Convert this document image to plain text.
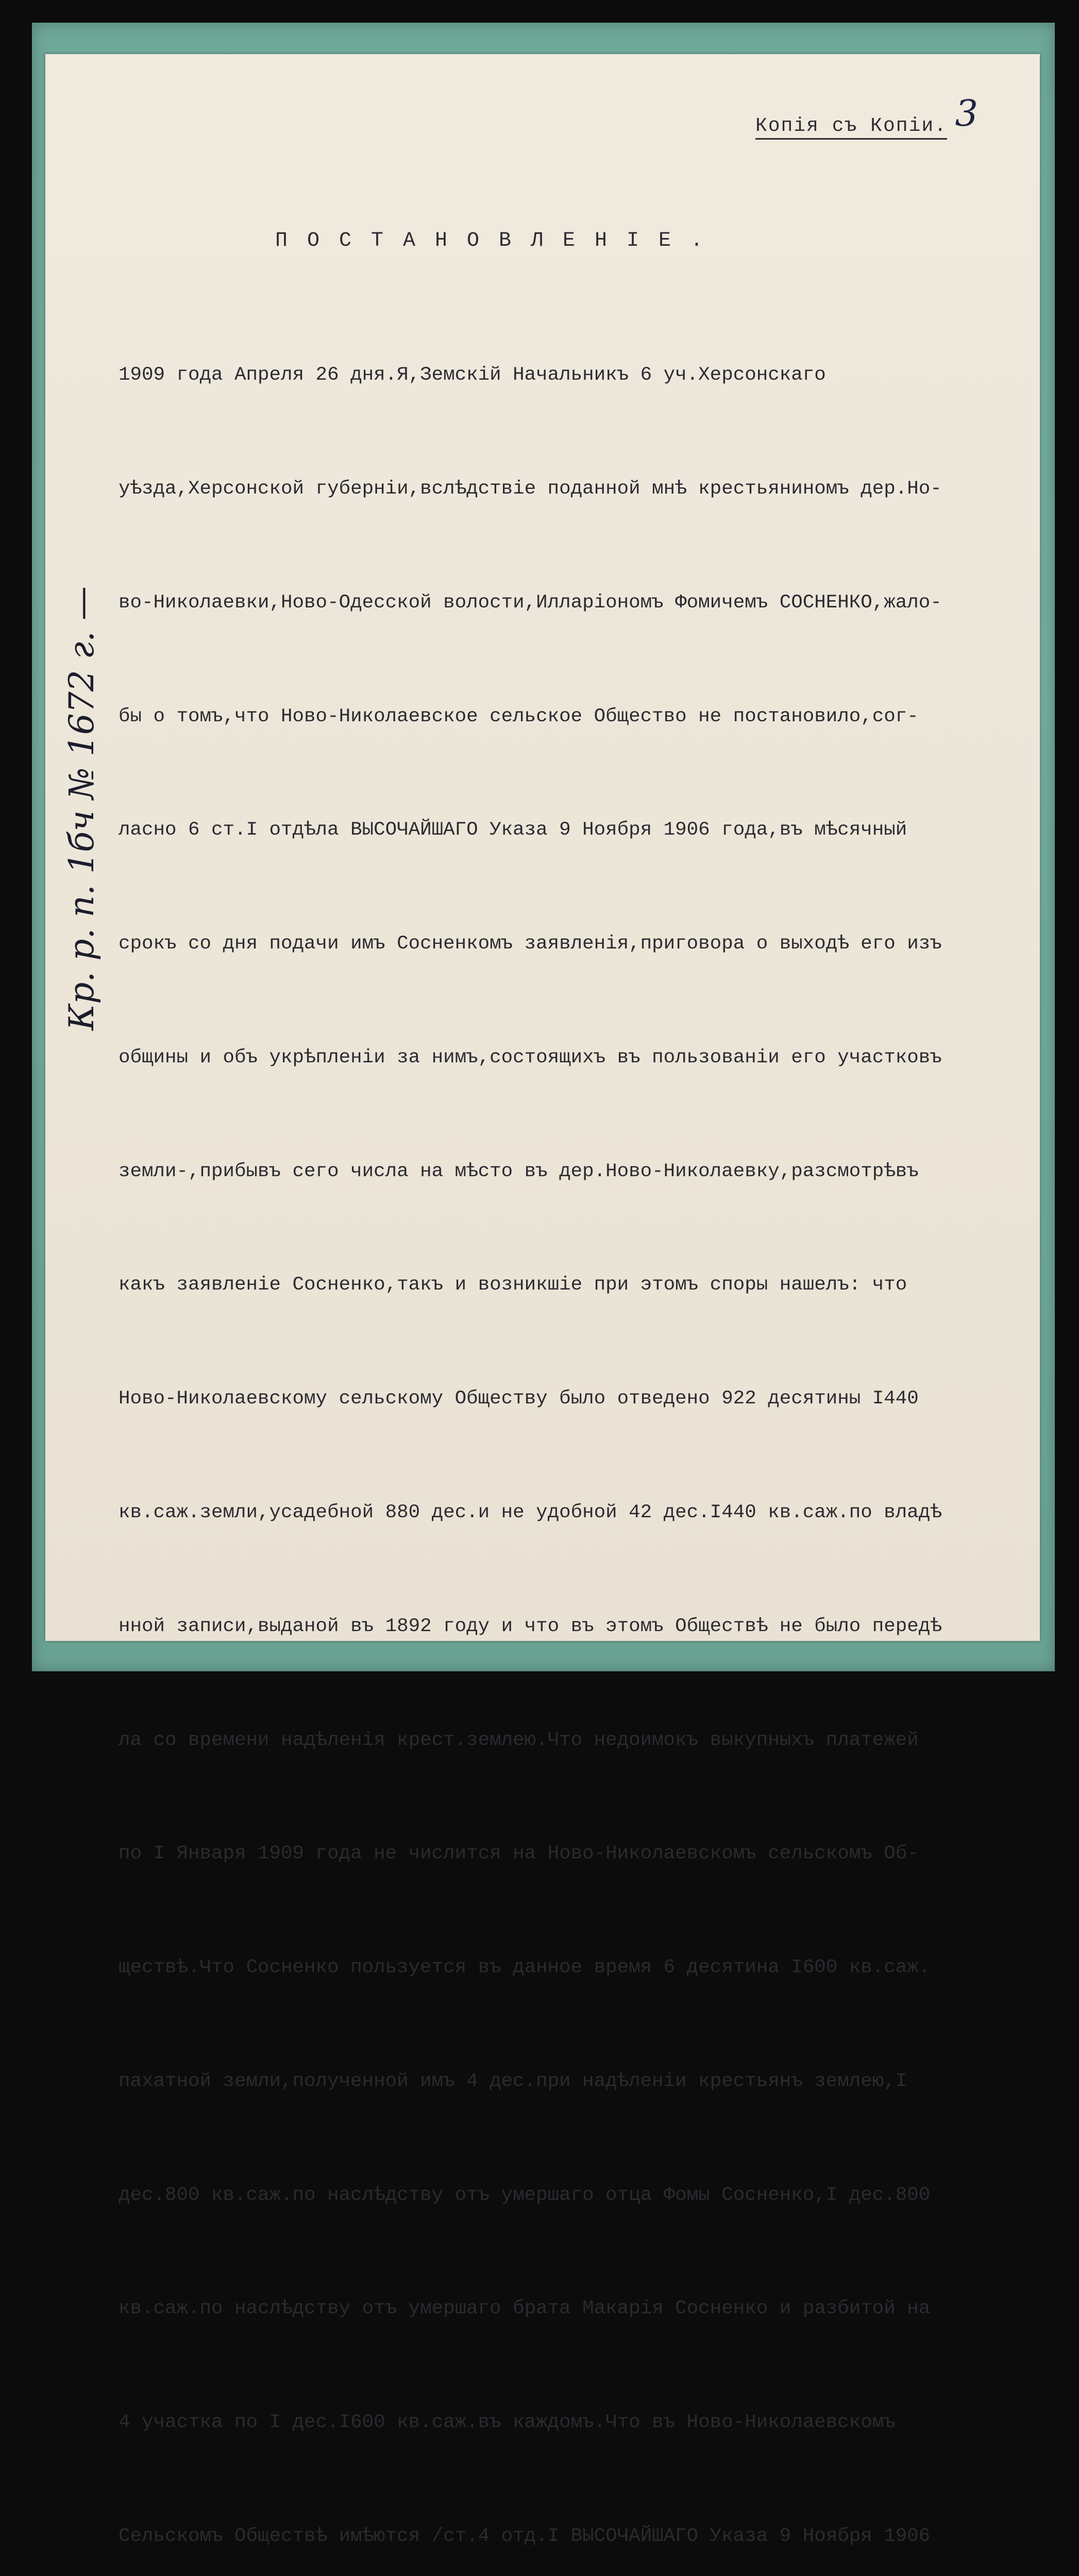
3
Копія съ Копіи.
ПОСТАНОВЛЕНІЕ.

1909 года Апреля 26 дня.Я,Земскій Начальникъ 6 уч.Херсонскаго

уѣзда,Херсонской губерніи,вслѣдствіе поданной мнѣ крестьяниномъ дер.Но-

во-Николаевки,Ново-Одесской волости,Илларіономъ Фомичемъ СОСНЕНКО,жало-

бы о томъ,что Ново-Николаевское сельское Общество не постановило,сог-

ласно 6 ст.I отдѣла ВЫСОЧАЙШАГО Указа 9 Ноября 1906 года,въ мѣсячный

срокъ со дня подачи имъ Сосненкомъ заявленія,приговора о выходѣ его изъ

общины и объ укрѣпленіи за нимъ,состоящихъ въ пользованіи его участковъ

земли-,прибывъ сего числа на мѣсто въ дер.Ново-Николаевку,разсмотрѣвъ

какъ заявленіе Сосненко,такъ и возникшіе при этомъ споры нашелъ: что

Ново-Николаевскому сельскому Обществу было отведено 922 десятины I440

кв.саж.земли,усадебной 880 дес.и не удобной 42 дес.I440 кв.саж.по владѣ

нной записи,выданой въ 1892 году и что въ этомъ Обществѣ не было передѣ

ла со времени надѣленія крест.землею.Что недоимокъ выкупныхъ платежей

по I Января 1909 года не числится на Ново-Николаевскомъ сельскомъ Об-

ществѣ.Что Сосненко пользуется въ данное время 6 десятина I600 кв.саж.

пахатной земли,полученной имъ 4 дес.при надѣленіи крестьянъ землею,I

дес.800 кв.саж.по наслѣдству отъ умершаго отца Фомы Сосненко,I дес.800

кв.саж.по наслѣдству отъ умершаго брата Макарія Сосненко и разбитой на

4 участка по I дес.I600 кв.саж.въ каждомъ.Что въ Ново-Николаевскомъ

Сельскомъ Обществѣ имѣются /ст.4 отд.I ВЫСОЧАЙШАГО Указа 9 Ноября 1906

Кр. р. п. 1бч № 1672 г. —
